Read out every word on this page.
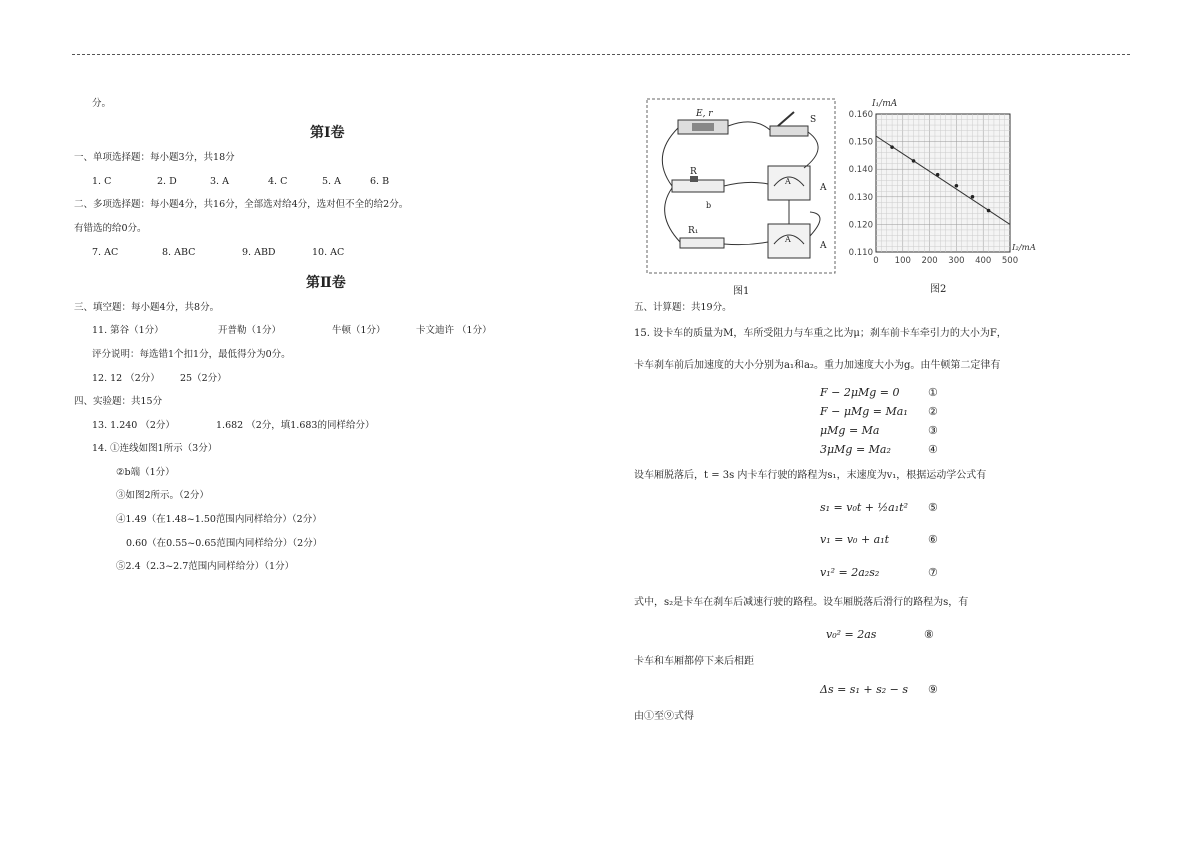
分。
第Ⅰ卷
一、单项选择题：每小题3分，共18分
1. C	2. D	3. A	4. C	5. A	6. B
二、多项选择题：每小题4分，共16分，全部选对给4分，选对但不全的给2分。
有错选的给0分。
7. AC	8. ABC	9. ABD	10. AC
第Ⅱ卷
三、填空题：每小题4分，共8分。
11. 第谷（1分）	开普勒（1分）	牛顿（1分）	卡文迪许 （1分）
评分说明：每选错1个扣1分，最低得分为0分。
12. 12 （2分） 25（2分）
四、实验题：共15分
13. 1.240 （2分）	1.682 （2分，填1.683的同样给分）
14. ①连线如图1所示（3分）
②b端（1分）
③如图2所示。（2分）
④1.49（在1.48~1.50范围内同样给分）（2分）
0.60（在0.55~0.65范围内同样给分）（2分）
⑤2.4（2.3~2.7范围内同样给分）（1分）
E, r
S
R
b
R₁
A
A
A
A
图1
0.110
0.120
0.130
0.140
0.150
0.160
0 100 200 300 400 500
I₁/mA
I₂/mA
图2
五、计算题：共19分。
15. 设卡车的质量为M，车所受阻力与车重之比为μ；刹车前卡车牵引力的大小为F，
卡车刹车前后加速度的大小分别为a₁和a₂。重力加速度大小为g。由牛顿第二定律有
F − 2μMg = 0	①
F − μMg = Ma₁ ②
μMg = Ma	③
3μMg = Ma₂	④
设车厢脱落后，t = 3s 内卡车行驶的路程为s₁，末速度为v₁，根据运动学公式有
s₁ = v₀t + ½a₁t² ⑤
v₁ = v₀ + a₁t	⑥
v₁² = 2a₂s₂	⑦
式中，s₂是卡车在刹车后减速行驶的路程。设车厢脱落后滑行的路程为s，有
v₀² = 2as	⑧
卡车和车厢都停下来后相距
Δs = s₁ + s₂ − s ⑨
由①至⑨式得
